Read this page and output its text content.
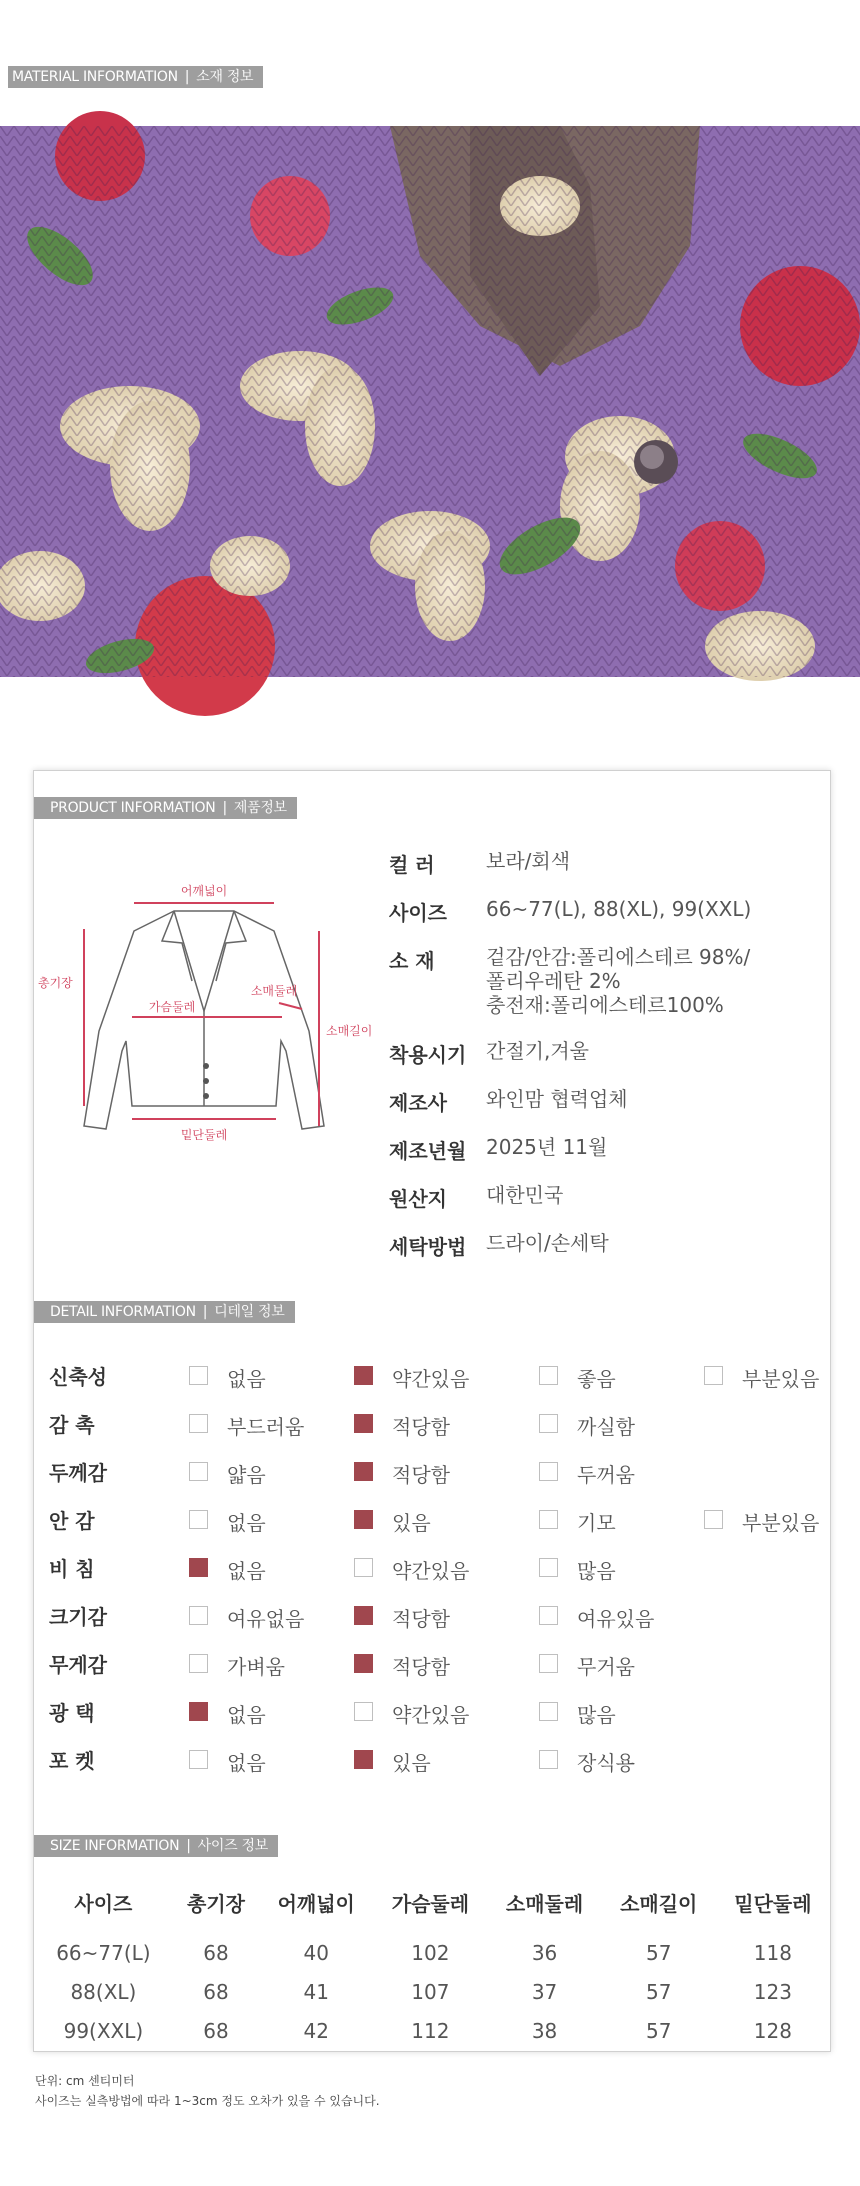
MATERIAL INFORMATION | 소재 정보
PRODUCT INFORMATION | 제품정보
어깨넓이
총기장
가슴둘레
소매둘레
소매길이
밑단둘레
컬 러	보라/회색
사이즈	66~77(L), 88(XL), 99(XXL)
소 재	겉감/안감:폴리에스테르 98%/
폴리우레탄 2%
충전재:폴리에스테르100%
착용시기 간절기,겨울
제조사	와인맘 협력업체
제조년월 2025년 11월
원산지	대한민국
세탁방법 드라이/손세탁
DETAIL INFORMATION | 디테일 정보
신축성	없음	약간있음	좋음	부분있음
감 촉	부드러움	적당함	까실함
두께감	얇음	적당함	두꺼움
안 감	없음	있음	기모	부분있음
비 침	없음	약간있음	많음
크기감	여유없음	적당함	여유있음
무게감	가벼움	적당함	무거움
광 택	없음	약간있음	많음
포 켓	없음	있음	장식용
SIZE INFORMATION | 사이즈 정보
사이즈	총기장	어깨넓이	가슴둘레	소매둘레	소매길이	밑단둘레

66~77(L)	68	40	102	36	57	118
88(XL)	68	41	107	37	57	123
99(XXL)	68	42	112	38	57	128
단위: cm 센티미터
사이즈는 실측방법에 따라 1~3cm 정도 오차가 있을 수 있습니다.
